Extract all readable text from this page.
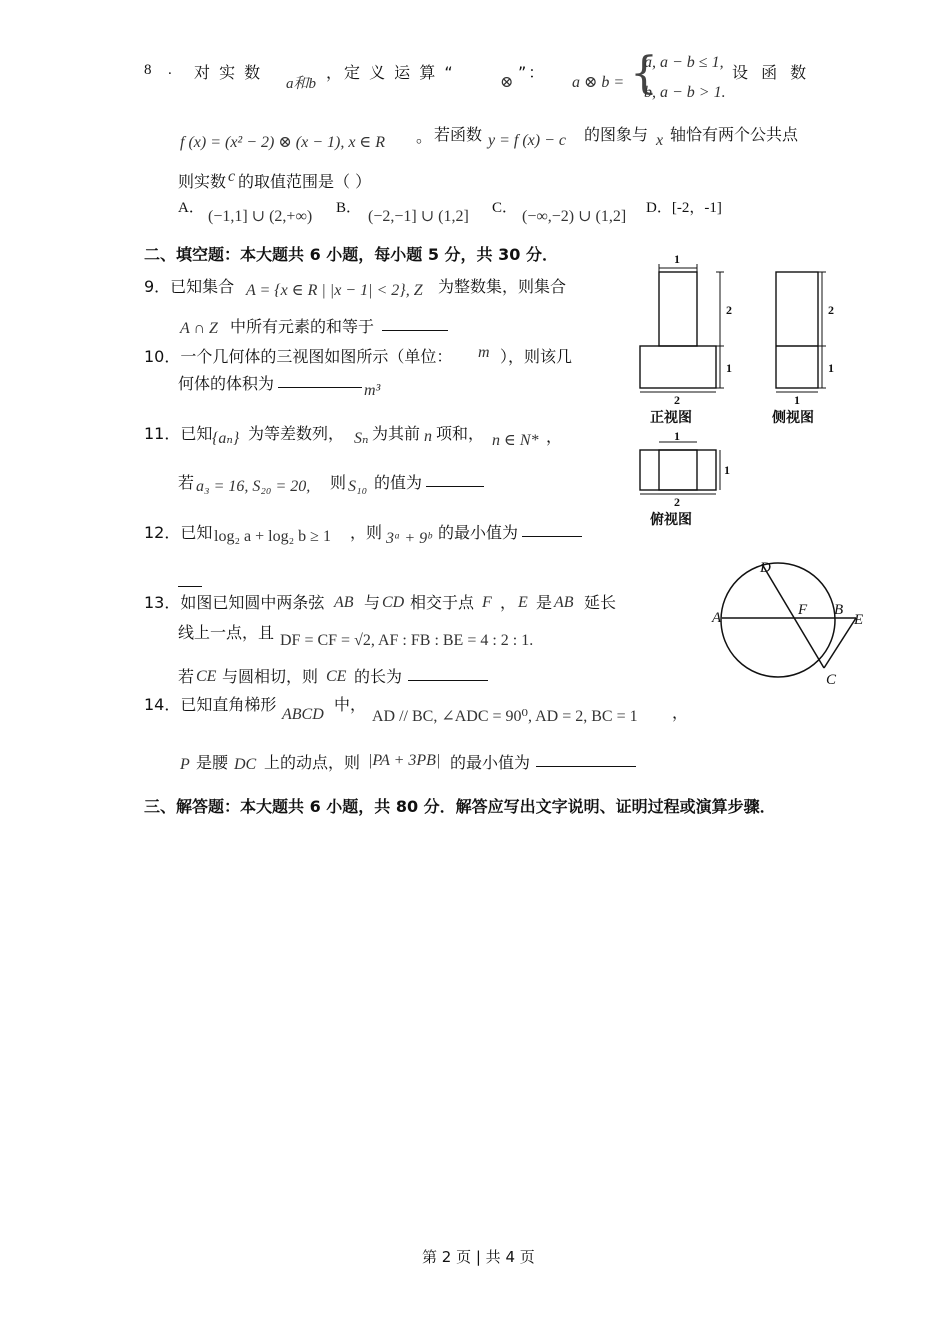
8 . 对 实 数
a和b
，定 义 运 算 “
⊗
”：
a ⊗ b = {
a, a − b ≤ 1,
b, a − b > 1.
设 函 数
f (x) = (x² − 2) ⊗ (x − 1), x ∈ R 。 若函数 y = f (x) − c 的图象与 x 轴恰有两个公共点
则实数 c 的取值范围是（ ）
A． (−1,1] ∪ (2,+∞) B． (−2,−1] ∪ (1,2] C． (−∞,−2) ∪ (1,2] D．[-2，-1]
二、填空题：本大题共 6 小题，每小题 5 分，共 30 分．
9．已知集合 A = {x ∈ R | |x − 1| < 2}, Z 为整数集，则集合
A ∩ Z 中所有元素的和等于
10．一个几何体的三视图如图所示（单位： m ），则该几
何体的体积为	m³
11．已知 {aₙ} 为等差数列， Sₙ 为其前 n 项和， n ∈ N* ，
若 a₃ = 16, S₂₀ = 20, 则 S₁₀ 的值为
12．已知 log₂ a + log₂ b ≥ 1 ，则 3ᵃ + 9ᵇ 的最小值为
13．如图已知圆中两条弦 AB 与 CD 相交于点 F ， E 是 AB 延长
线上一点，且 DF = CF = √2, AF : FB : BE = 4 : 2 : 1.
若 CE 与圆相切，则 CE 的长为
14．已知直角梯形
ABCD
中，
AD // BC, ∠ADC = 90⁰, AD = 2, BC = 1 ，
P 是腰 DC 上的动点，则 |PA + 3PB| 的最小值为
三、解答题：本大题共 6 小题，共 80 分．解答应写出文字说明、证明过程或演算步骤．
1
2
1
2
2
1
1
1
1
2
正视图	侧视图
俯视图
A	B
C
D
E
F
第 2 页 | 共 4 页
